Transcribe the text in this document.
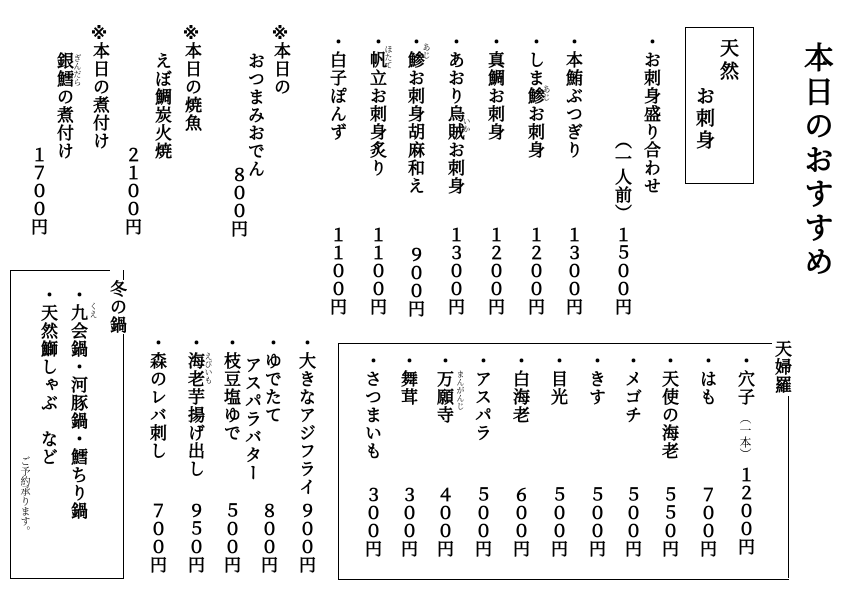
本日のおすすめ
天然
お刺身
・お刺身盛り合わせ
（一人前）
１５００円
・本鮪ぶつぎり
１３００円
・しま鯵お刺身
あじ
１２００円
・真鯛お刺身
１２００円
・あおり烏賊お刺身
いか
１３００円
・鯵お刺身胡麻和え
あじ
９００円
・帆立お刺身炙り
ほたて
１１００円
・白子ぽんず
１１００円
※
本日の
おつまみおでん
８００円
※
本日の焼魚
えぼ鯛炭火焼
２１００円
※
本日の煮付け
ぎんだら
銀鱈の煮付け
１７００円
天婦羅
・穴子
（一本）
１２００円
・はも
７００円
・天使の海老
５５０円
・メゴチ
５００円
・きす
５００円
・目光
５００円
・白海老
６００円
・アスパラ
５００円
・万願寺 まんがんじ
４００円
・舞茸
３００円
・さつまいも
３００円
・大きなアジフライ
９００円
・ゆでたて
アスパラバター
８００円
・枝豆塩ゆで
５００円
・海老芋揚げ出し えびいも
９５０円
・森のレバ刺し
７００円
冬の鍋
・九会鍋・河豚鍋・鱈ちり鍋 くえ
・天然鰤しゃぶ　など
ご予約承ります。
